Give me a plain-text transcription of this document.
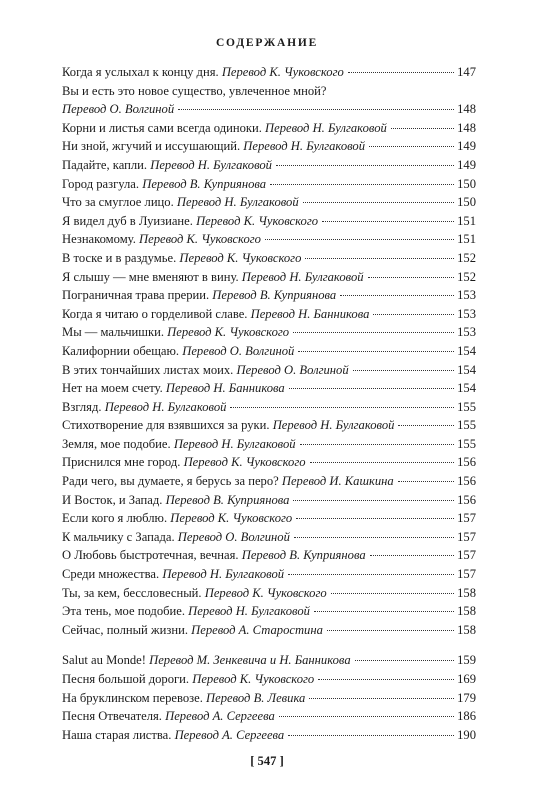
СОДЕРЖАНИЕ
Когда я услыхал к концу дня. Перевод К. Чуковского	147
Вы и есть это новое существо, увлеченное мной?
Перевод О. Волгиной	148
Корни и листья сами всегда одиноки. Перевод Н. Булгаковой	148
Ни зной, жгучий и иссушающий. Перевод Н. Булгаковой	149
Падайте, капли. Перевод Н. Булгаковой	149
Город разгула. Перевод В. Куприянова	150
Что за смуглое лицо. Перевод Н. Булгаковой	150
Я видел дуб в Луизиане. Перевод К. Чуковского	151
Незнакомому. Перевод К. Чуковского	151
В тоске и в раздумье. Перевод К. Чуковского	152
Я слышу — мне вменяют в вину. Перевод Н. Булгаковой	152
Пограничная трава прерии. Перевод В. Куприянова	153
Когда я читаю о горделивой славе. Перевод Н. Банникова	153
Мы — мальчишки. Перевод К. Чуковского	153
Калифорнии обещаю. Перевод О. Волгиной	154
В этих тончайших листах моих. Перевод О. Волгиной	154
Нет на моем счету. Перевод Н. Банникова	154
Взгляд. Перевод Н. Булгаковой	155
Стихотворение для взявшихся за руки. Перевод Н. Булгаковой	155
Земля, мое подобие. Перевод Н. Булгаковой	155
Приснился мне город. Перевод К. Чуковского	156
Ради чего, вы думаете, я берусь за перо? Перевод И. Кашкина	156
И Восток, и Запад. Перевод В. Куприянова	156
Если кого я люблю. Перевод К. Чуковского	157
К мальчику с Запада. Перевод О. Волгиной	157
О Любовь быстротечная, вечная. Перевод В. Куприянова	157
Среди множества. Перевод Н. Булгаковой	157
Ты, за кем, бессловесный. Перевод К. Чуковского	158
Эта тень, мое подобие. Перевод Н. Булгаковой	158
Сейчас, полный жизни. Перевод А. Старостина	158
Salut au Monde! Перевод М. Зенкевича и Н. Банникова	159
Песня большой дороги. Перевод К. Чуковского	169
На бруклинском перевозе. Перевод В. Левика	179
Песня Отвечателя. Перевод А. Сергеева	186
Наша старая листва. Перевод А. Сергеева	190
[ 547 ]
